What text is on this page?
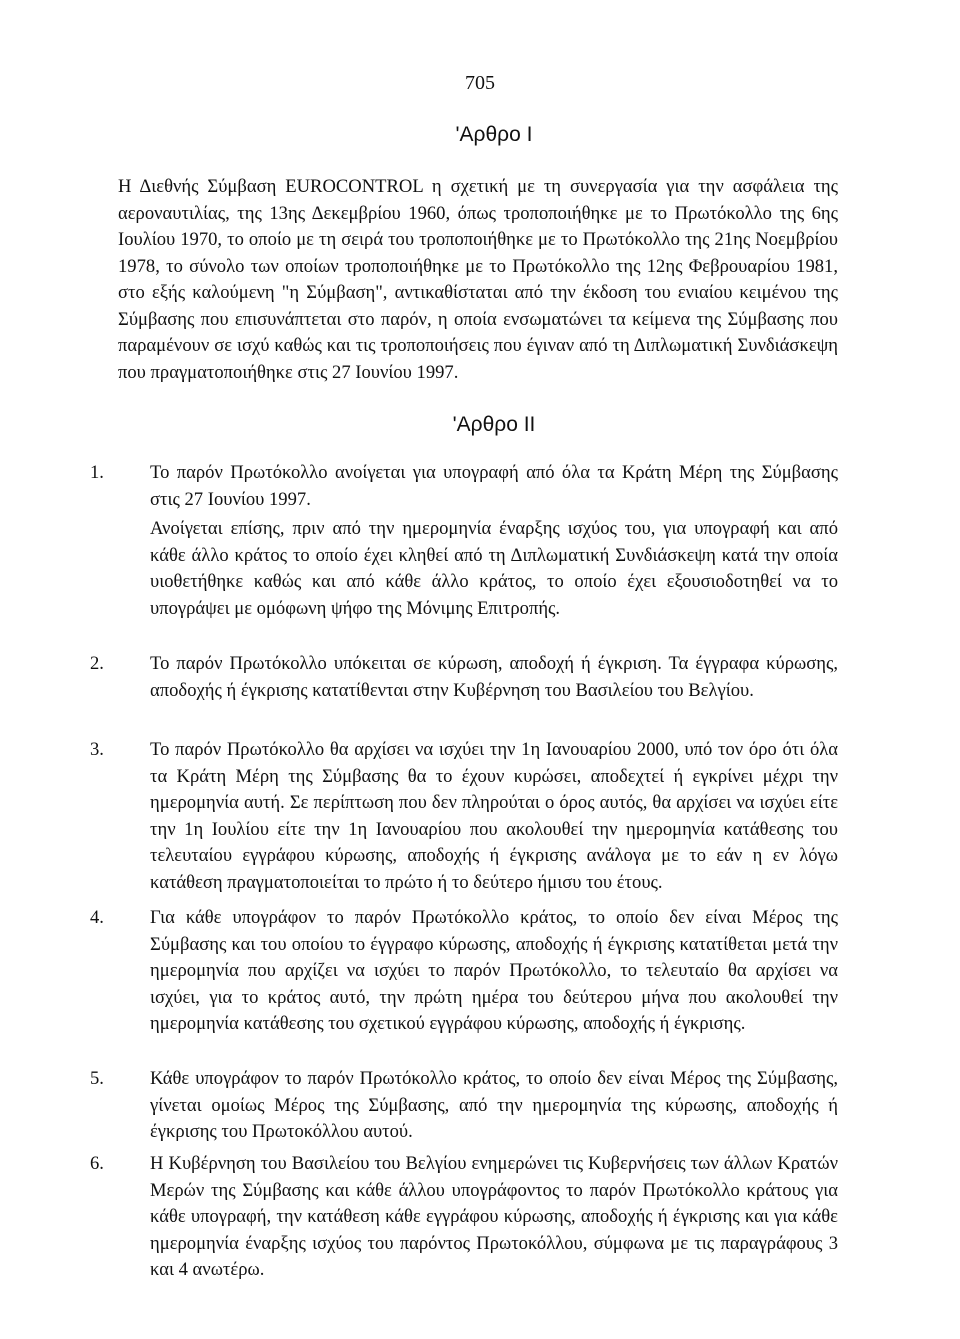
705
'Αρθρο Ι
Η Διεθνής Σύμβαση EUROCONTROL η σχετική με τη συνεργασία για την ασφάλεια της αεροναυτιλίας, της 13ης Δεκεμβρίου 1960, όπως τροποποιήθηκε με το Πρωτόκολλο της 6ης Ιουλίου 1970, το οποίο με τη σειρά του τροποποιήθηκε με το Πρωτόκολλο της 21ης Νοεμβρίου 1978, το σύνολο των οποίων τροποποιήθηκε με το Πρωτόκολλο της 12ης Φεβρουαρίου 1981, στο εξής καλούμενη "η Σύμβαση", αντικαθίσταται από την έκδοση του ενιαίου κειμένου της Σύμβασης που επισυνάπτεται στο παρόν, η οποία ενσωματώνει τα κείμενα της Σύμβασης που παραμένουν σε ισχύ καθώς και τις τροποποιήσεις που έγιναν από τη Διπλωματική Συνδιάσκεψη που πραγματοποιήθηκε στις 27 Ιουνίου 1997.
'Αρθρο ΙΙ
1. Το παρόν Πρωτόκολλο ανοίγεται για υπογραφή από όλα τα Κράτη Μέρη της Σύμβασης στις 27 Ιουνίου 1997.
Ανοίγεται επίσης, πριν από την ημερομηνία έναρξης ισχύος του, για υπογραφή και από κάθε άλλο κράτος το οποίο έχει κληθεί από τη Διπλωματική Συνδιάσκεψη κατά την οποία υιοθετήθηκε καθώς και από κάθε άλλο κράτος, το οποίο έχει εξουσιοδοτηθεί να το υπογράψει με ομόφωνη ψήφο της Μόνιμης Επιτροπής.
2. Το παρόν Πρωτόκολλο υπόκειται σε κύρωση, αποδοχή ή έγκριση. Τα έγγραφα κύρωσης, αποδοχής ή έγκρισης κατατίθενται στην Κυβέρνηση του Βασιλείου του Βελγίου.
3. Το παρόν Πρωτόκολλο θα αρχίσει να ισχύει την 1η Ιανουαρίου 2000, υπό τον όρο ότι όλα τα Κράτη Μέρη της Σύμβασης θα το έχουν κυρώσει, αποδεχτεί ή εγκρίνει μέχρι την ημερομηνία αυτή. Σε περίπτωση που δεν πληρούται ο όρος αυτός, θα αρχίσει να ισχύει είτε την 1η Ιουλίου είτε την 1η Ιανουαρίου που ακολουθεί την ημερομηνία κατάθεσης του τελευταίου εγγράφου κύρωσης, αποδοχής ή έγκρισης ανάλογα με το εάν η εν λόγω κατάθεση πραγματοποιείται το πρώτο ή το δεύτερο ήμισυ του έτους.
4. Για κάθε υπογράφον το παρόν Πρωτόκολλο κράτος, το οποίο δεν είναι Μέρος της Σύμβασης και του οποίου το έγγραφο κύρωσης, αποδοχής ή έγκρισης κατατίθεται μετά την ημερομηνία που αρχίζει να ισχύει το παρόν Πρωτόκολλο, το τελευταίο θα αρχίσει να ισχύει, για το κράτος αυτό, την πρώτη ημέρα του δεύτερου μήνα που ακολουθεί την ημερομηνία κατάθεσης του σχετικού εγγράφου κύρωσης, αποδοχής ή έγκρισης.
5. Κάθε υπογράφον το παρόν Πρωτόκολλο κράτος, το οποίο δεν είναι Μέρος της Σύμβασης, γίνεται ομοίως Μέρος της Σύμβασης, από την ημερομηνία της κύρωσης, αποδοχής ή έγκρισης του Πρωτοκόλλου αυτού.
6. Η Κυβέρνηση του Βασιλείου του Βελγίου ενημερώνει τις Κυβερνήσεις των άλλων Κρατών Μερών της Σύμβασης και κάθε άλλου υπογράφοντος το παρόν Πρωτόκολλο κράτους για κάθε υπογραφή, την κατάθεση κάθε εγγράφου κύρωσης, αποδοχής ή έγκρισης και για κάθε ημερομηνία έναρξης ισχύος του παρόντος Πρωτοκόλλου, σύμφωνα με τις παραγράφους 3 και 4 ανωτέρω.
